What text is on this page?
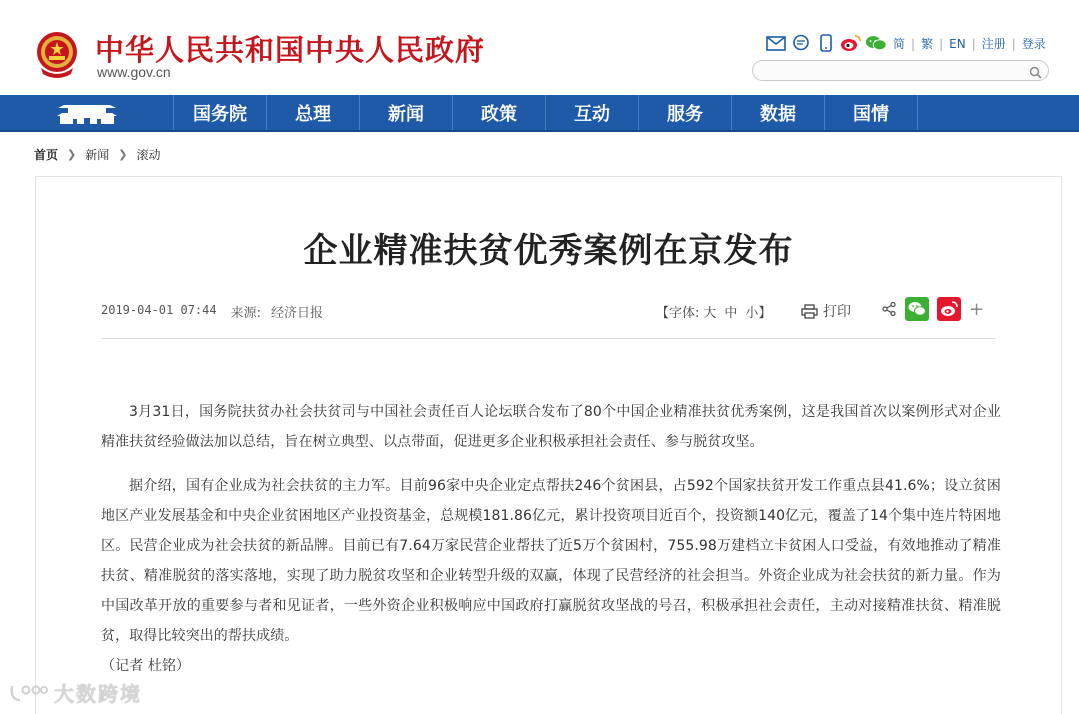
中华人民共和国中央人民政府
www.gov.cn
简 | 繁 | EN | 注册 | 登录
国务院	总理	新闻	政策	互动	服务	数据	国情
首页 ❯ 新闻 ❯ 滚动
企业精准扶贫优秀案例在京发布
2019-04-01 07:44 来源: 经济日报	【字体: 大 中 小】	打印	+

3月31日，国务院扶贫办社会扶贫司与中国社会责任百人论坛联合发布了80个中国企业精准扶贫优秀案例，这是我国首次以案例形式对企业精准扶贫经验做法加以总结，旨在树立典型、以点带面，促进更多企业积极承担社会责任、参与脱贫攻坚。

据介绍，国有企业成为社会扶贫的主力军。目前96家中央企业定点帮扶246个贫困县，占592个国家扶贫开发工作重点县41.6%；设立贫困地区产业发展基金和中央企业贫困地区产业投资基金，总规模181.86亿元，累计投资项目近百个，投资额140亿元，覆盖了14个集中连片特困地区。民营企业成为社会扶贫的新品牌。目前已有7.64万家民营企业帮扶了近5万个贫困村，755.98万建档立卡贫困人口受益，有效地推动了精准扶贫、精准脱贫的落实落地，实现了助力脱贫攻坚和企业转型升级的双赢，体现了民营经济的社会担当。外资企业成为社会扶贫的新力量。作为中国改革开放的重要参与者和见证者，一些外资企业积极响应中国政府打赢脱贫攻坚战的号召，积极承担社会责任，主动对接精准扶贫、精准脱贫，取得比较突出的帮扶成绩。

（记者 杜铭）

大数跨境
